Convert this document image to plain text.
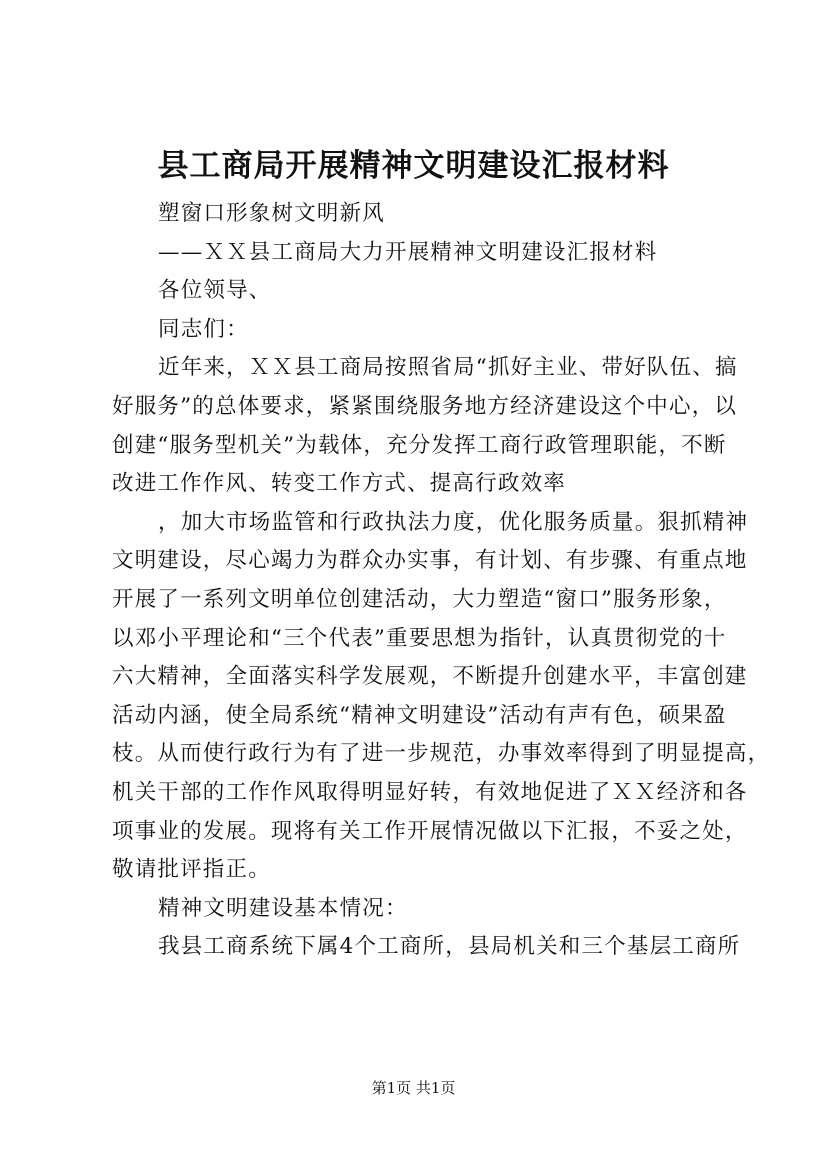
县工商局开展精神文明建设汇报材料
塑窗口形象树文明新风
——ＸＸ县工商局大力开展精神文明建设汇报材料
各位领导、
同志们：
近年来，ＸＸ县工商局按照省局“抓好主业、带好队伍、搞
好服务”的总体要求，紧紧围绕服务地方经济建设这个中心，以
创建“服务型机关”为载体，充分发挥工商行政管理职能，不断
改进工作作风、转变工作方式、提高行政效率
，加大市场监管和行政执法力度，优化服务质量。狠抓精神
文明建设，尽心竭力为群众办实事，有计划、有步骤、有重点地
开展了一系列文明单位创建活动，大力塑造“窗口”服务形象，
以邓小平理论和“三个代表”重要思想为指针，认真贯彻党的十
六大精神，全面落实科学发展观，不断提升创建水平，丰富创建
活动内涵，使全局系统“精神文明建设”活动有声有色，硕果盈
枝。从而使行政行为有了进一步规范，办事效率得到了明显提高，
机关干部的工作作风取得明显好转，有效地促进了ＸＸ经济和各
项事业的发展。现将有关工作开展情况做以下汇报，不妥之处，
敬请批评指正。
精神文明建设基本情况：
我县工商系统下属4个工商所，县局机关和三个基层工商所
第1页 共1页
